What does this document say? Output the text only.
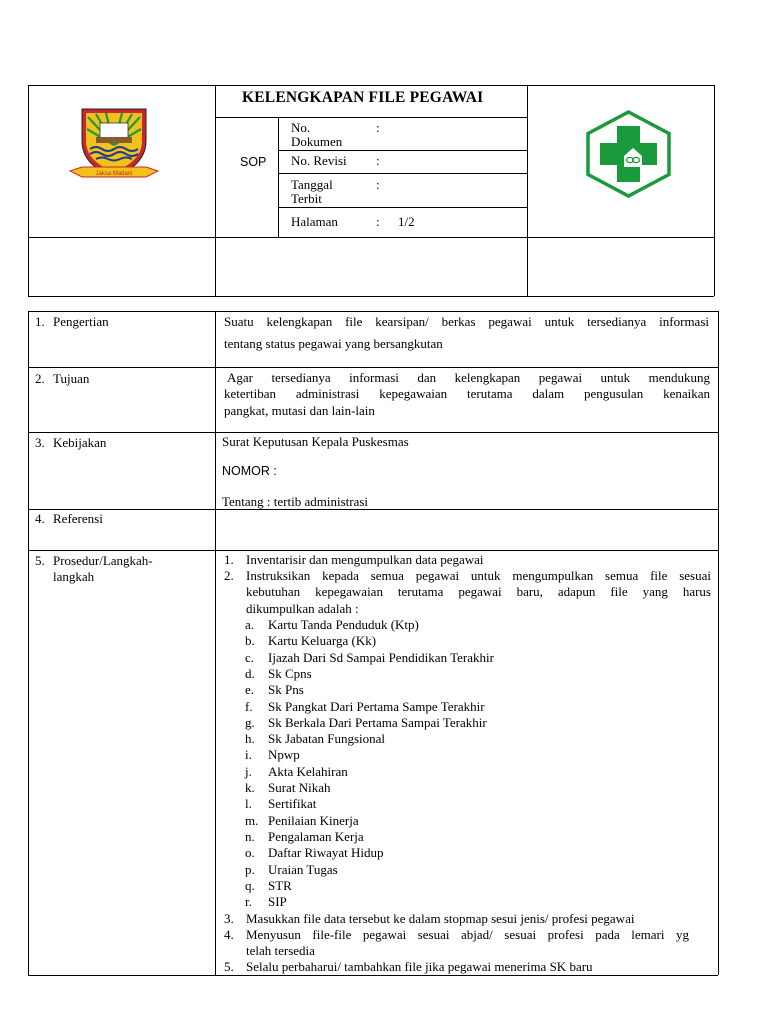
Jaksa Madani
KELENGKAPAN FILE PEGAWAI
SOP
No.
Dokumen
:
No. Revisi :
Tanggal
Terbit
:
Halaman	: 1/2
1. Pengertian	Suatu kelengkapan file kearsipan/ berkas pegawai untuk tersedianya informasi
tentang status pegawai yang bersangkutan
2. Tujuan	Agar tersedianya informasi dan kelengkapan pegawai untuk mendukung
ketertiban administrasi kepegawaian terutama dalam pengusulan kenaikan
pangkat, mutasi dan lain-lain
3. Kebijakan	Surat Keputusan Kepala Puskesmas
NOMOR :
Tentang : tertib administrasi
4. Referensi
5. Prosedur/Langkah-
langkah
1. Inventarisir dan mengumpulkan data pegawai
2. Instruksikan kepada semua pegawai untuk mengumpulkan semua file sesuai
kebutuhan kepegawaian terutama pegawai baru, adapun file yang harus
dikumpulkan adalah :
a. Kartu Tanda Penduduk (Ktp)
b. Kartu Keluarga (Kk)
c. Ijazah Dari Sd Sampai Pendidikan Terakhir
d. Sk Cpns
e. Sk Pns
f. Sk Pangkat Dari Pertama Sampe Terakhir
g. Sk Berkala Dari Pertama Sampai Terakhir
h. Sk Jabatan Fungsional
i. Npwp
j. Akta Kelahiran
k. Surat Nikah
l. Sertifikat
m. Penilaian Kinerja
n. Pengalaman Kerja
o. Daftar Riwayat Hidup
p. Uraian Tugas
q. STR
r. SIP
3. Masukkan file data tersebut ke dalam stopmap sesui jenis/ profesi pegawai
4. Menyusun file-file pegawai sesuai abjad/ sesuai profesi pada lemari yg
telah tersedia
5. Selalu perbaharui/ tambahkan file jika pegawai menerima SK baru
